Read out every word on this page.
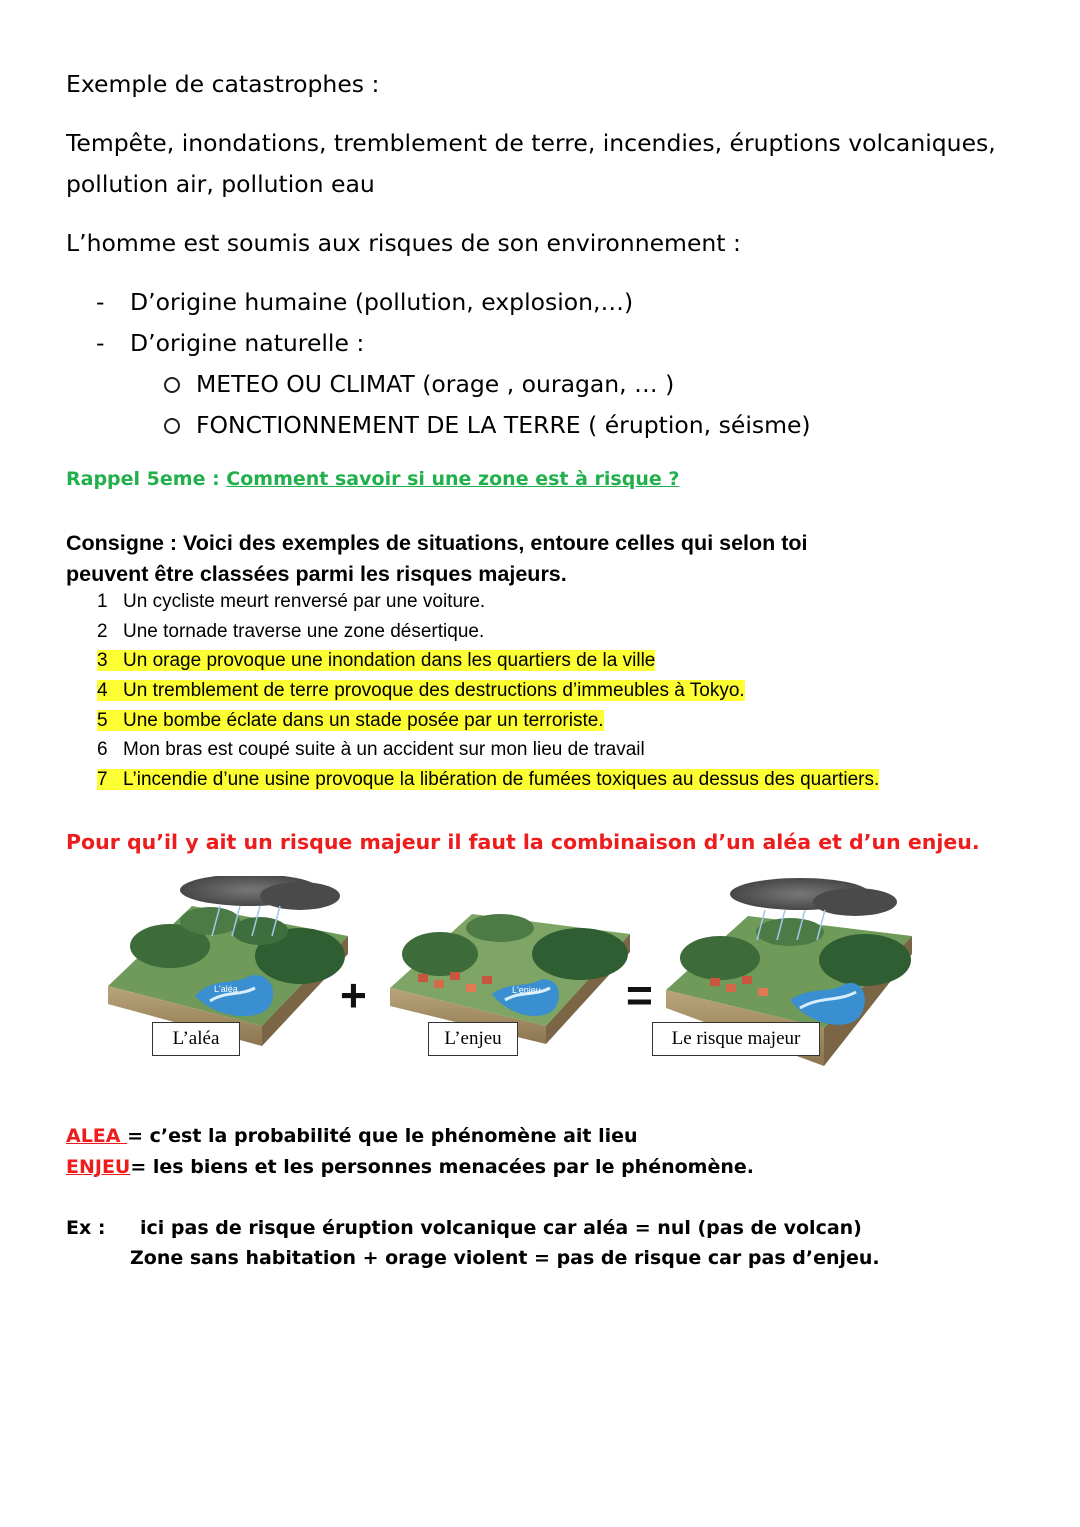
Exemple de catastrophes :
Tempête, inondations, tremblement de terre, incendies, éruptions volcaniques,
pollution air, pollution eau
L’homme est soumis aux risques de son environnement :
- D’origine humaine (pollution, explosion,…)
- D’origine naturelle :
METEO OU CLIMAT (orage , ouragan, … )
FONCTIONNEMENT DE LA TERRE ( éruption, séisme)
Rappel 5eme : Comment savoir si une zone est à risque ?
Consigne : Voici des exemples de situations, entoure celles qui selon toi
peuvent être classées parmi les risques majeurs.
1 Un cycliste meurt renversé par une voiture.
2 Une tornade traverse une zone désertique.
3 Un orage provoque une inondation dans les quartiers de la ville
4 Un tremblement de terre provoque des destructions d’immeubles à Tokyo.
5 Une bombe éclate dans un stade posée par un terroriste.
6 Mon bras est coupé suite à un accident sur mon lieu de travail
7 L’incendie d’une usine provoque la libération de fumées toxiques au dessus des quartiers.
Pour qu’il y ait un risque majeur il faut la combinaison d’un aléa et d’un enjeu.
L'aléa	L'enjeu
+	=
L’aléa	L’enjeu	Le risque majeur
ALEA = c’est la probabilité que le phénomène ait lieu
ENJEU= les biens et les personnes menacées par le phénomène.
Ex : ici pas de risque éruption volcanique car aléa = nul (pas de volcan)
Zone sans habitation + orage violent = pas de risque car pas d’enjeu.
